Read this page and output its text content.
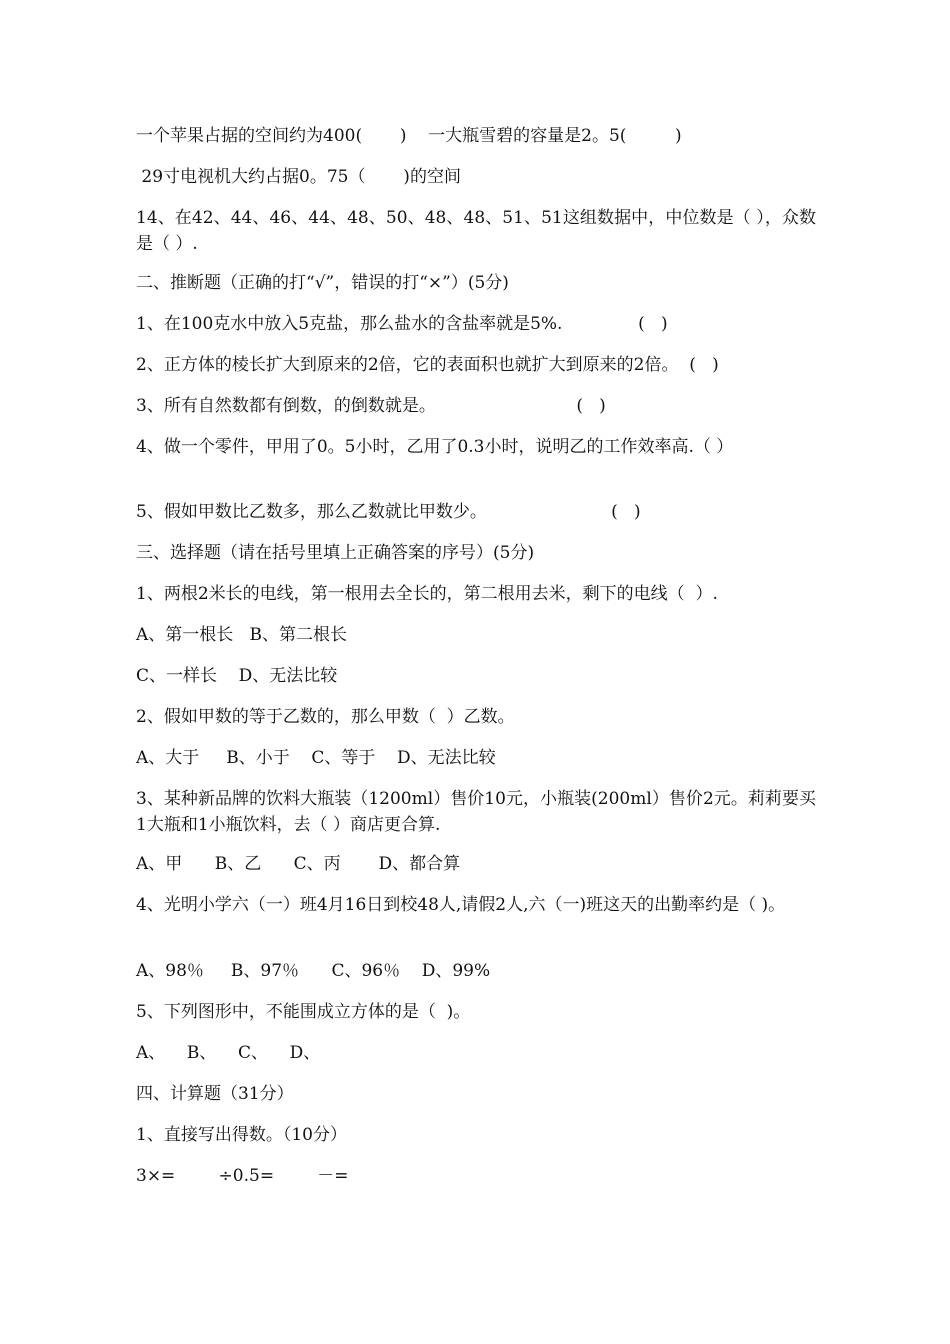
一个苹果占据的空间约为400(       )    一大瓶雪碧的容量是2。5(         )
29寸电视机大约占据0。75（       )的空间
14、在42、44、46、44、48、50、48、48、51、51这组数据中，中位数是（ ），众数是（ ）.
二、推断题（正确的打“√”，错误的打“×”）(5分)
1、在100克水中放入5克盐，那么盐水的含盐率就是5%.              (   )
2、正方体的棱长扩大到原来的2倍，它的表面积也就扩大到原来的2倍。  (   )
3、所有自然数都有倒数，的倒数就是。                          (   )
4、做一个零件，甲用了0。5小时，乙用了0.3小时，说明乙的工作效率高.（ ）
5、假如甲数比乙数多，那么乙数就比甲数少。                       (   )
三、选择题（请在括号里填上正确答案的序号）(5分)
1、两根2米长的电线，第一根用去全长的，第二根用去米，剩下的电线（  ）.
A、第一根长   B、第二根长
C、一样长    D、无法比较
2、假如甲数的等于乙数的，那么甲数（  ）乙数。
A、大于     B、小于    C、等于    D、无法比较
3、某种新品牌的饮料大瓶装（1200ml）售价10元，小瓶装(200ml）售价2元。莉莉要买1大瓶和1小瓶饮料，去（ ）商店更合算.
A、甲      B、乙      C、丙       D、都合算
4、光明小学六（一）班4月16日到校48人,请假2人,六（一)班这天的出勤率约是（ )。
A、98％     B、97％      C、96％    D、99%
5、下列图形中，不能围成立方体的是（  )。
A、    B、    C、    D、
四、计算题（31分）
1、直接写出得数。（10分）
3×=        ÷0.5=        －=
